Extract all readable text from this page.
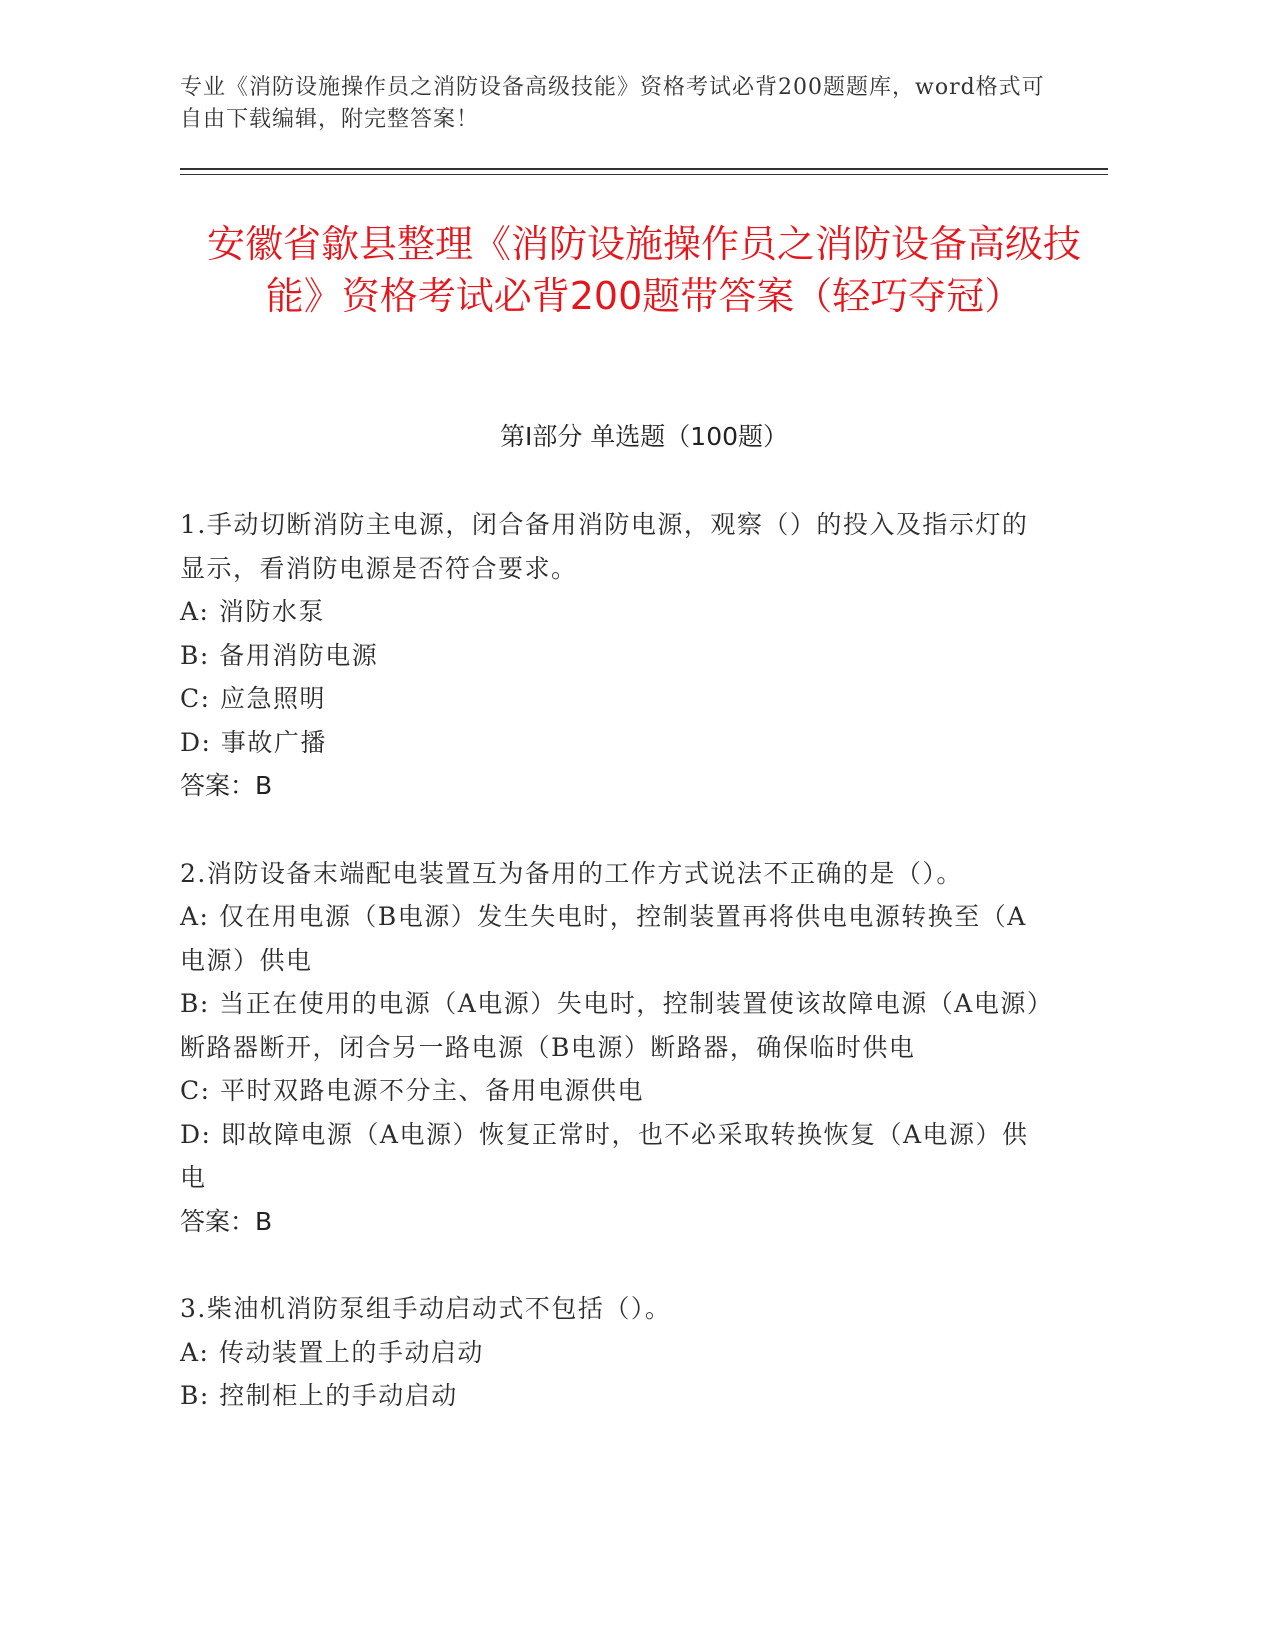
专业《消防设施操作员之消防设备高级技能》资格考试必背200题题库，word格式可自由下载编辑，附完整答案！
安徽省歙县整理《消防设施操作员之消防设备高级技能》资格考试必背200题带答案（轻巧夺冠）
第Ⅰ部分 单选题（100题）
1.手动切断消防主电源，闭合备用消防电源，观察（）的投入及指示灯的显示，看消防电源是否符合要求。
A: 消防水泵
B: 备用消防电源
C: 应急照明
D: 事故广播
答案：B
2.消防设备末端配电装置互为备用的工作方式说法不正确的是（）。
A: 仅在用电源（B电源）发生失电时，控制装置再将供电电源转换至（A电源）供电
B: 当正在使用的电源（A电源）失电时，控制装置使该故障电源（A电源）断路器断开，闭合另一路电源（B电源）断路器，确保临时供电
C: 平时双路电源不分主、备用电源供电
D: 即故障电源（A电源）恢复正常时，也不必采取转换恢复（A电源）供电
答案：B
3.柴油机消防泵组手动启动式不包括（）。
A: 传动装置上的手动启动
B: 控制柜上的手动启动
